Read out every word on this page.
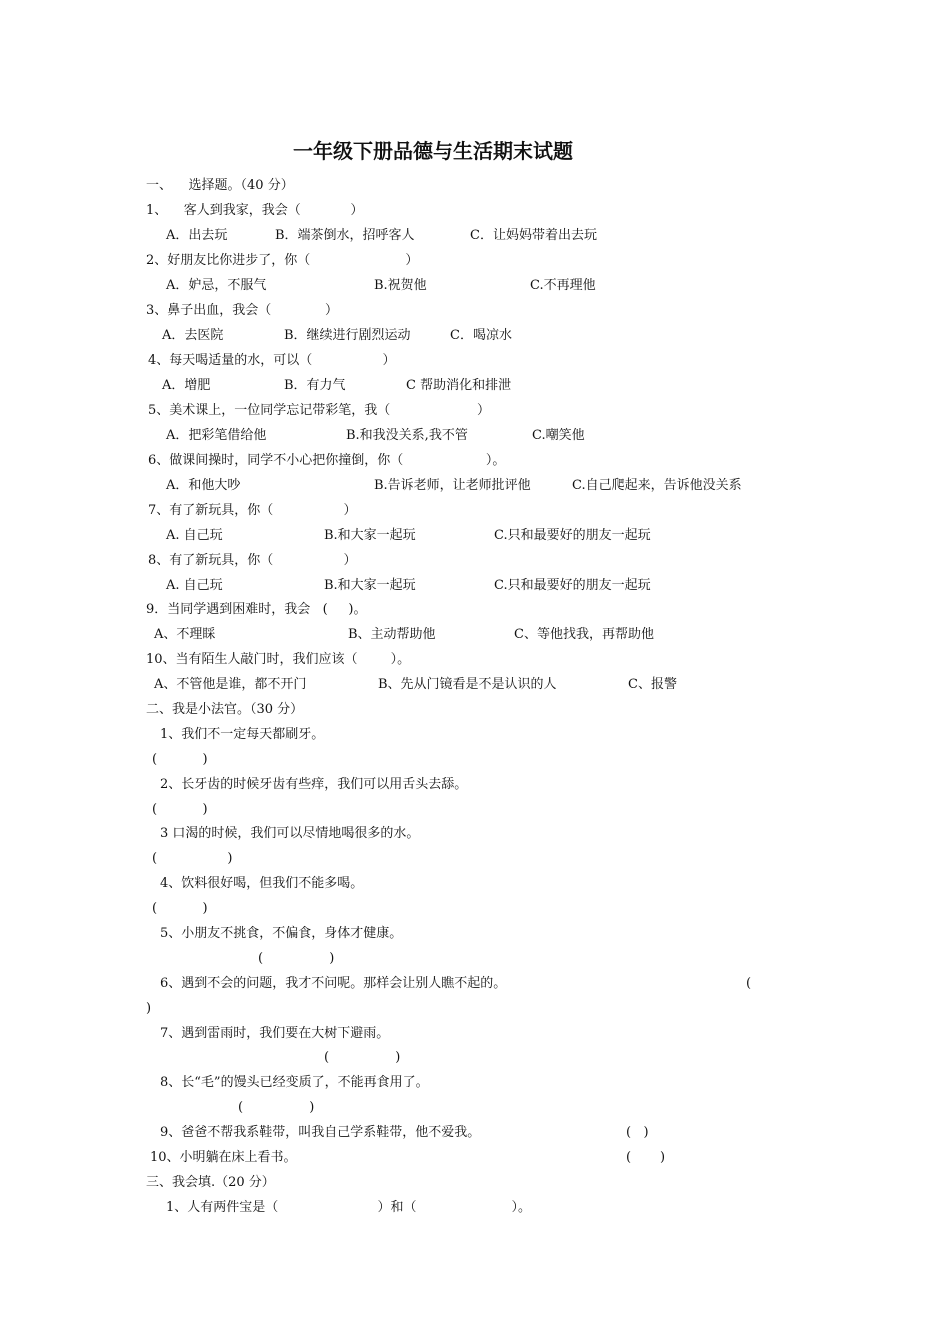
一年级下册品德与生活期末试题
一、    选择题。（40 分）
1、    客人到我家，我会（            ）
A．出去玩	B．端茶倒水，招呼客人	C．让妈妈带着出去玩
2、好朋友比你进步了，你（                       ）
A．妒忌，不服气	B.祝贺他	C.不再理他
3、鼻子出血，我会（             ）
A．去医院	B．继续进行剧烈运动	C．喝凉水
4、每天喝适量的水，可以（                 ）
A．增肥	B．有力气	C 帮助消化和排泄
5、美术课上，一位同学忘记带彩笔，我（                     ）
A．把彩笔借给他	B.和我没关系,我不管	C.嘲笑他
6、做课间操时，同学不小心把你撞倒，你（                    ）。
A．和他大吵	B.告诉老师，让老师批评他	C.自己爬起来，告诉他没关系
7、有了新玩具，你（                 ）
A. 自己玩	B.和大家一起玩	C.只和最要好的朋友一起玩
8、有了新玩具，你（                 ）
A. 自己玩	B.和大家一起玩	C.只和最要好的朋友一起玩
9．当同学遇到困难时，我会   (     )。
A、不理睬	B、主动帮助他	C、等他找我，再帮助他
10、当有陌生人敲门时，我们应该（        ）。
A、不管他是谁，都不开门	B、先从门镜看是不是认识的人	C、报警
二、我是小法官。（30 分）
1、我们不一定每天都刷牙。
(           )
2、长牙齿的时候牙齿有些痒，我们可以用舌头去舔。
(           )
3 口渴的时候，我们可以尽情地喝很多的水。
(                 )
4、饮料很好喝，但我们不能多喝。
(           )
5、小朋友不挑食，不偏食，身体才健康。
(                )
6、遇到不会的问题，我才不问呢。那样会让别人瞧不起的。	(
)
7、遇到雷雨时，我们要在大树下避雨。
(                )
8、长“毛”的馒头已经变质了，不能再食用了。
(                )
9、爸爸不帮我系鞋带，叫我自己学系鞋带，他不爱我。	(   )
10、小明躺在床上看书。	(       )
三、我会填.（20 分）
1、人有两件宝是（                        ）和（                       ）。
